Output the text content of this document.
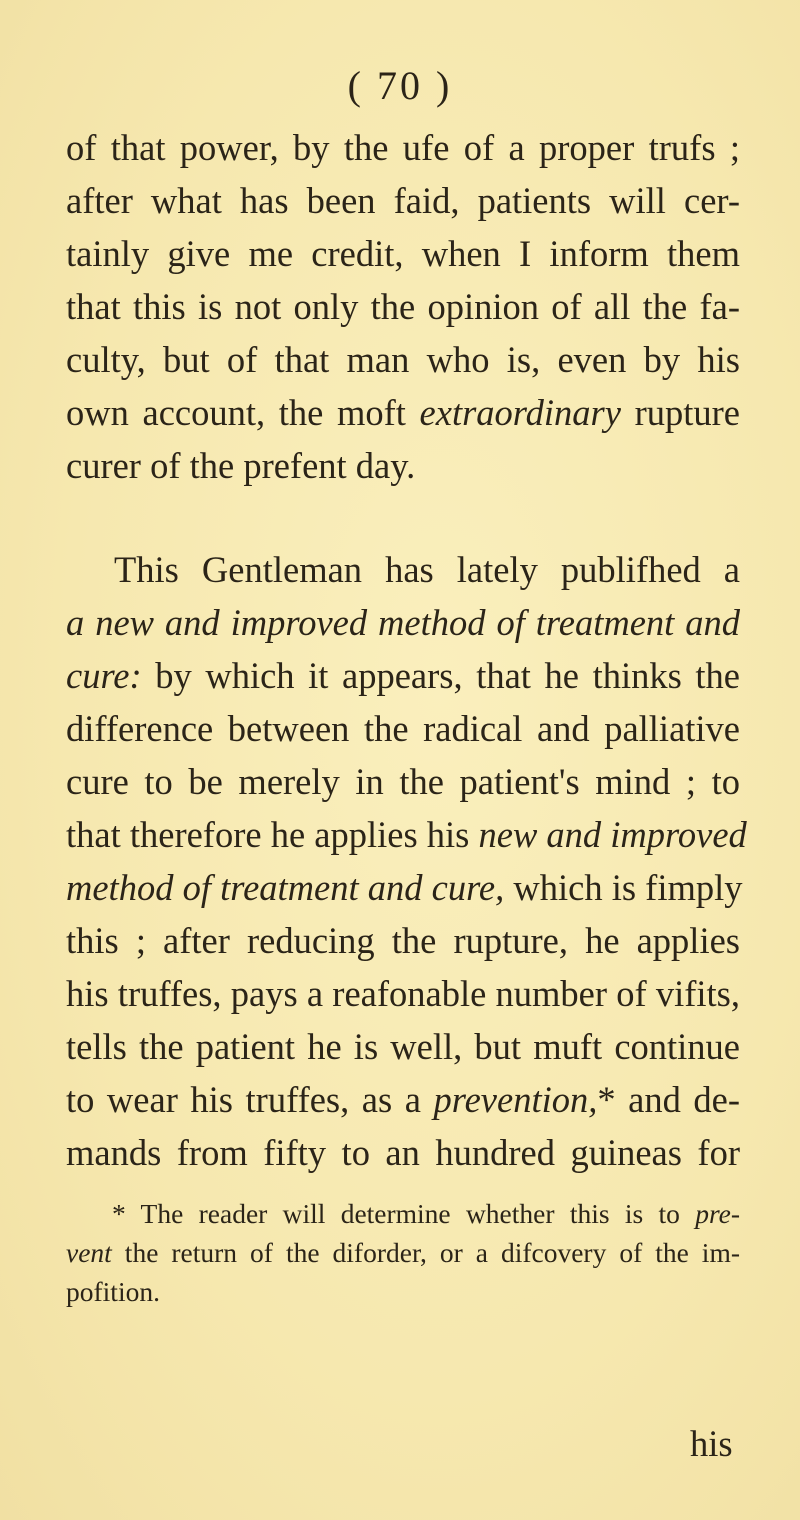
( 70 )
of that power, by the ufe of a proper trufs ;
after what has been faid, patients will cer-
tainly give me credit, when I inform them
that this is not only the opinion of all the fa-
culty, but of that man who is, even by his
own account, the moft extraordinary rupture
curer of the prefent day.
This Gentleman has lately publifhed a
a new and improved method of treatment and
cure: by which it appears, that he thinks the
difference between the radical and palliative
cure to be merely in the patient's mind ; to
that therefore he applies his new and improved
method of treatment and cure, which is fimply
this ; after reducing the rupture, he applies
his truffes, pays a reafonable number of vifits,
tells the patient he is well, but muft continue
to wear his truffes, as a prevention,* and de-
mands from fifty to an hundred guineas for
* The reader will determine whether this is to pre-
vent the return of the diforder, or a difcovery of the im-
pofition.
his
